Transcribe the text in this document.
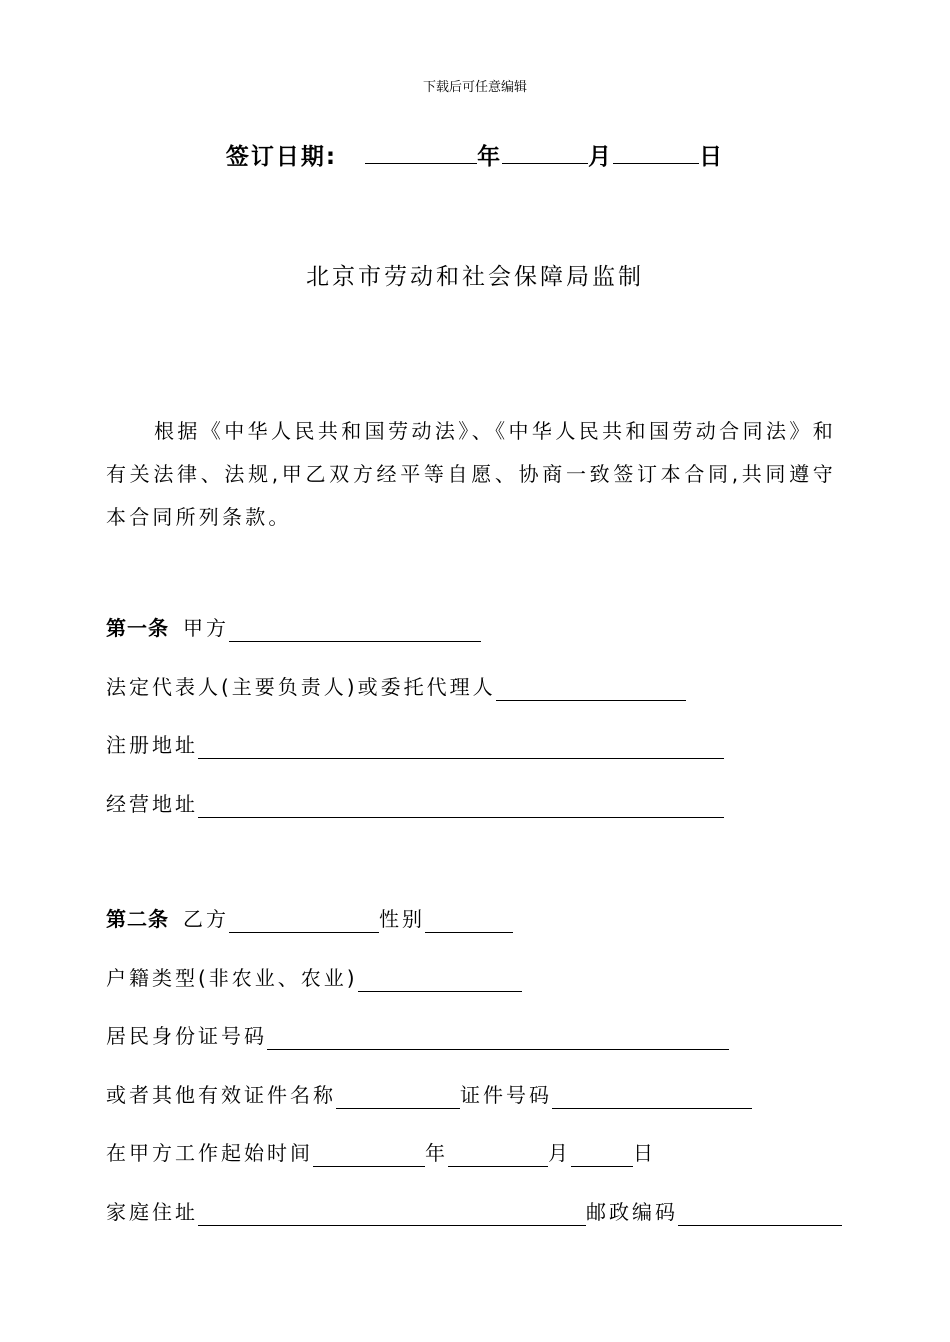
下载后可任意编辑
签订日期:	年	月	日
北京市劳动和社会保障局监制
根据《中华人民共和国劳动法》、《中华人民共和国劳动合同法》和有关法律、法规,甲乙双方经平等自愿、协商一致签订本合同,共同遵守本合同所列条款。
第一条 甲方
法定代表人(主要负责人)或委托代理人
注册地址
经营地址
第二条 乙方	性别
户籍类型(非农业、农业)
居民身份证号码
或者其他有效证件名称	证件号码
在甲方工作起始时间	年	月	日
家庭住址	邮政编码
